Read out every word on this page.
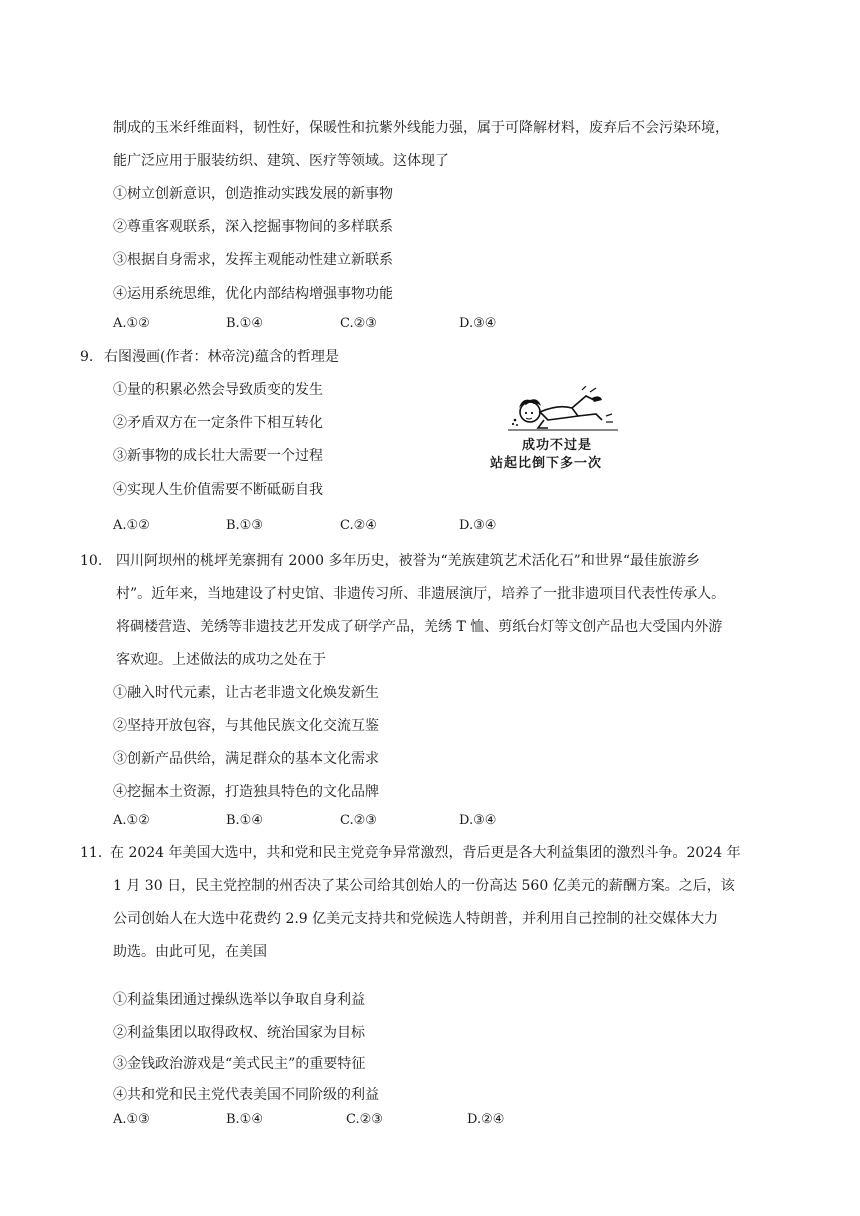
制成的玉米纤维面料，韧性好，保暖性和抗紫外线能力强，属于可降解材料，废弃后不会污染环境，
能广泛应用于服装纺织、建筑、医疗等领域。这体现了
①树立创新意识，创造推动实践发展的新事物
②尊重客观联系，深入挖掘事物间的多样联系
③根据自身需求，发挥主观能动性建立新联系
④运用系统思维，优化内部结构增强事物功能
A.①②	B.①④	C.②③	D.③④
9. 右图漫画(作者：林帝浣)蕴含的哲理是
①量的积累必然会导致质变的发生
②矛盾双方在一定条件下相互转化
③新事物的成长壮大需要一个过程
④实现人生价值需要不断砥砺自我
A.①②	B.①③	C.②④	D.③④
成功不过是
站起比倒下多一次
10. 四川阿坝州的桃坪羌寨拥有 2000 多年历史，被誉为“羌族建筑艺术活化石”和世界“最佳旅游乡
村”。近年来，当地建设了村史馆、非遗传习所、非遗展演厅，培养了一批非遗项目代表性传承人。
将碉楼营造、羌绣等非遗技艺开发成了研学产品，羌绣 T 恤、剪纸台灯等文创产品也大受国内外游
客欢迎。上述做法的成功之处在于
①融入时代元素，让古老非遗文化焕发新生
②坚持开放包容，与其他民族文化交流互鉴
③创新产品供给，满足群众的基本文化需求
④挖掘本土资源，打造独具特色的文化品牌
A.①②	B.①④	C.②③	D.③④
11. 在 2024 年美国大选中，共和党和民主党竞争异常激烈，背后更是各大利益集团的激烈斗争。2024 年
1 月 30 日，民主党控制的州否决了某公司给其创始人的一份高达 560 亿美元的薪酬方案。之后，该
公司创始人在大选中花费约 2.9 亿美元支持共和党候选人特朗普，并利用自己控制的社交媒体大力
助选。由此可见，在美国
①利益集团通过操纵选举以争取自身利益
②利益集团以取得政权、统治国家为目标
③金钱政治游戏是“美式民主”的重要特征
④共和党和民主党代表美国不同阶级的利益
A.①③	B.①④	C.②③	D.②④
